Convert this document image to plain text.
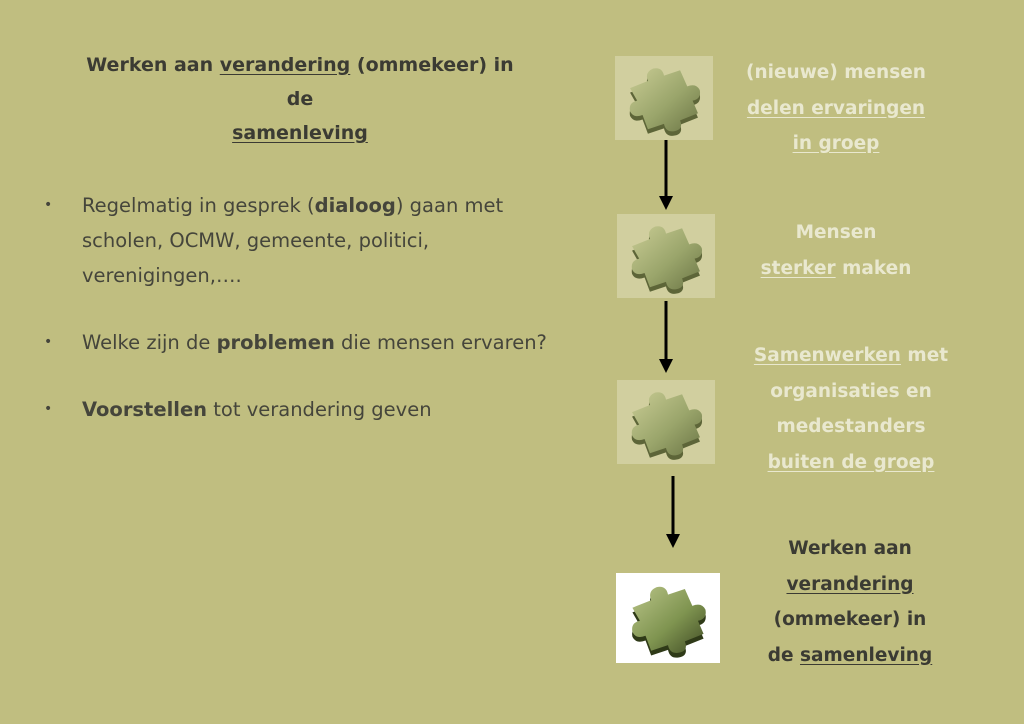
Werken aan verandering (ommekeer) in de
samenleving
• Regelmatig in gesprek (dialoog) gaan met
scholen, OCMW, gemeente, politici,
verenigingen,….
• Welke zijn de problemen die mensen ervaren?
• Voorstellen tot verandering geven
(nieuwe) mensen
delen ervaringen
in groep
Mensen
sterker maken
Samenwerken met
organisaties en
medestanders
buiten de groep
Werken aan
verandering
(ommekeer) in
de samenleving
